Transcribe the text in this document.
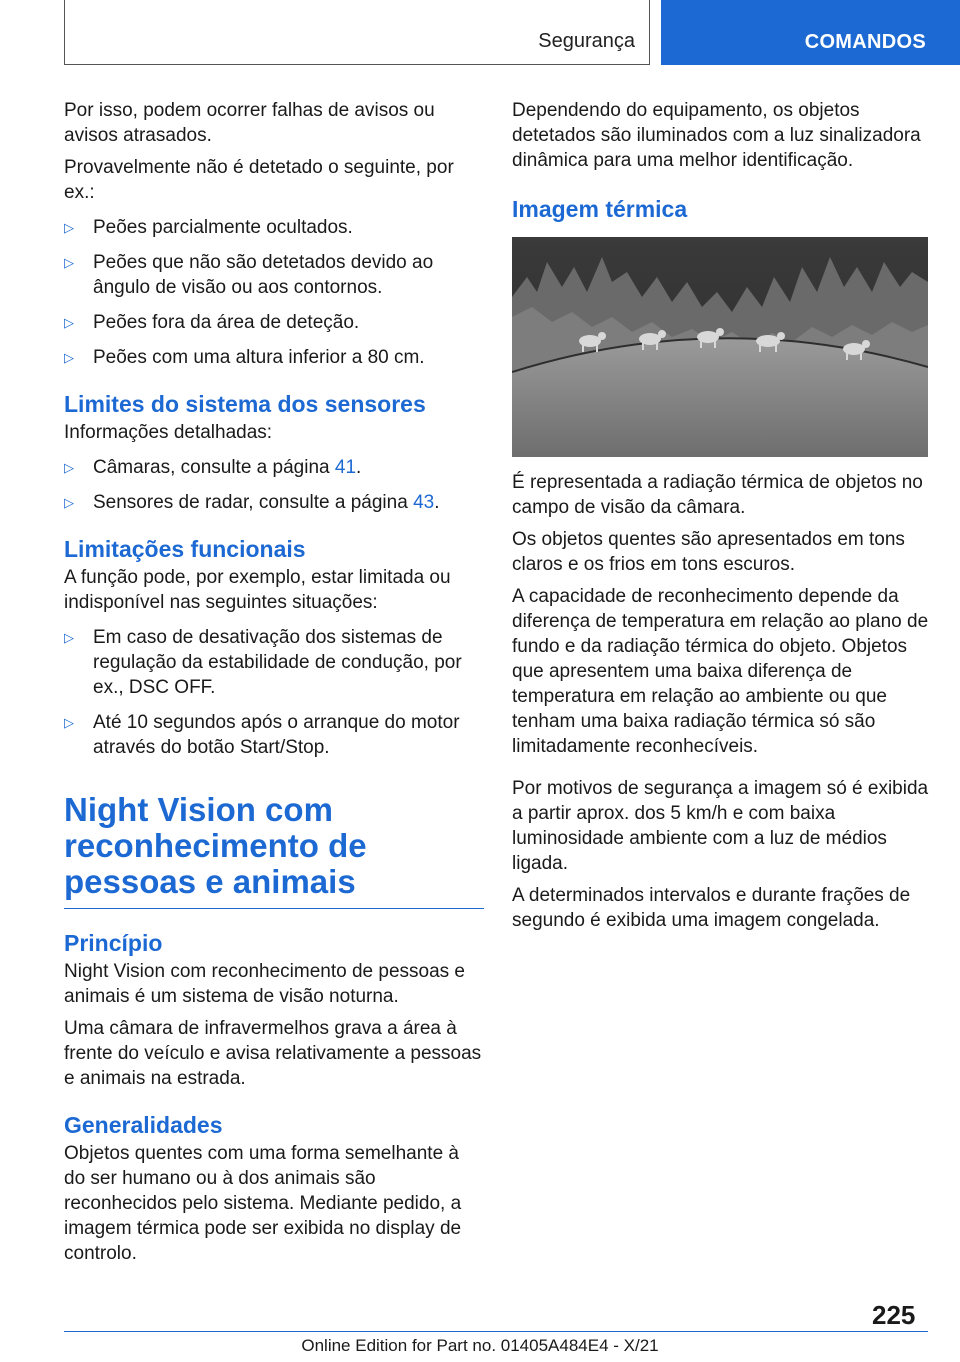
Segurança	COMANDOS

Por isso, podem ocorrer falhas de avisos ou avisos atrasados.

Provavelmente não é detetado o seguinte, por ex.:

▷ Peões parcialmente ocultados.
▷ Peões que não são detetados devido ao ângulo de visão ou aos contornos.
▷ Peões fora da área de deteção.
▷ Peões com uma altura inferior a 80 cm.
Limites do sistema dos sensores

Informações detalhadas:

▷ Câmaras, consulte a página 41.
▷ Sensores de radar, consulte a página 43.
Limitações funcionais

A função pode, por exemplo, estar limitada ou indisponível nas seguintes situações:

▷ Em caso de desativação dos sistemas de regulação da estabilidade de condução, por ex., DSC OFF.
▷ Até 10 segundos após o arranque do motor através do botão Start/Stop.
Night Vision com reconhecimento de pessoas e animais
Princípio

Night Vision com reconhecimento de pessoas e animais é um sistema de visão noturna.

Uma câmara de infravermelhos grava a área à frente do veículo e avisa relativamente a pessoas e animais na estrada.

Generalidades

Objetos quentes com uma forma semelhante à do ser humano ou à dos animais são reconhecidos pelo sistema. Mediante pedido, a imagem térmica pode ser exibida no display de controlo.

Dependendo do equipamento, os objetos detetados são iluminados com a luz sinalizadora dinâmica para uma melhor identificação.

Imagem térmica

É representada a radiação térmica de objetos no campo de visão da câmara.

Os objetos quentes são apresentados em tons claros e os frios em tons escuros.

A capacidade de reconhecimento depende da diferença de temperatura em relação ao plano de fundo e da radiação térmica do objeto. Objetos que apresentem uma baixa diferença de temperatura em relação ao ambiente ou que tenham uma baixa radiação térmica só são limitadamente reconhecíveis.

Por motivos de segurança a imagem só é exibida a partir aprox. dos 5 km/h e com baixa luminosidade ambiente com a luz de médios ligada.

A determinados intervalos e durante frações de segundo é exibida uma imagem congelada.

225
Online Edition for Part no. 01405A484E4 - X/21
